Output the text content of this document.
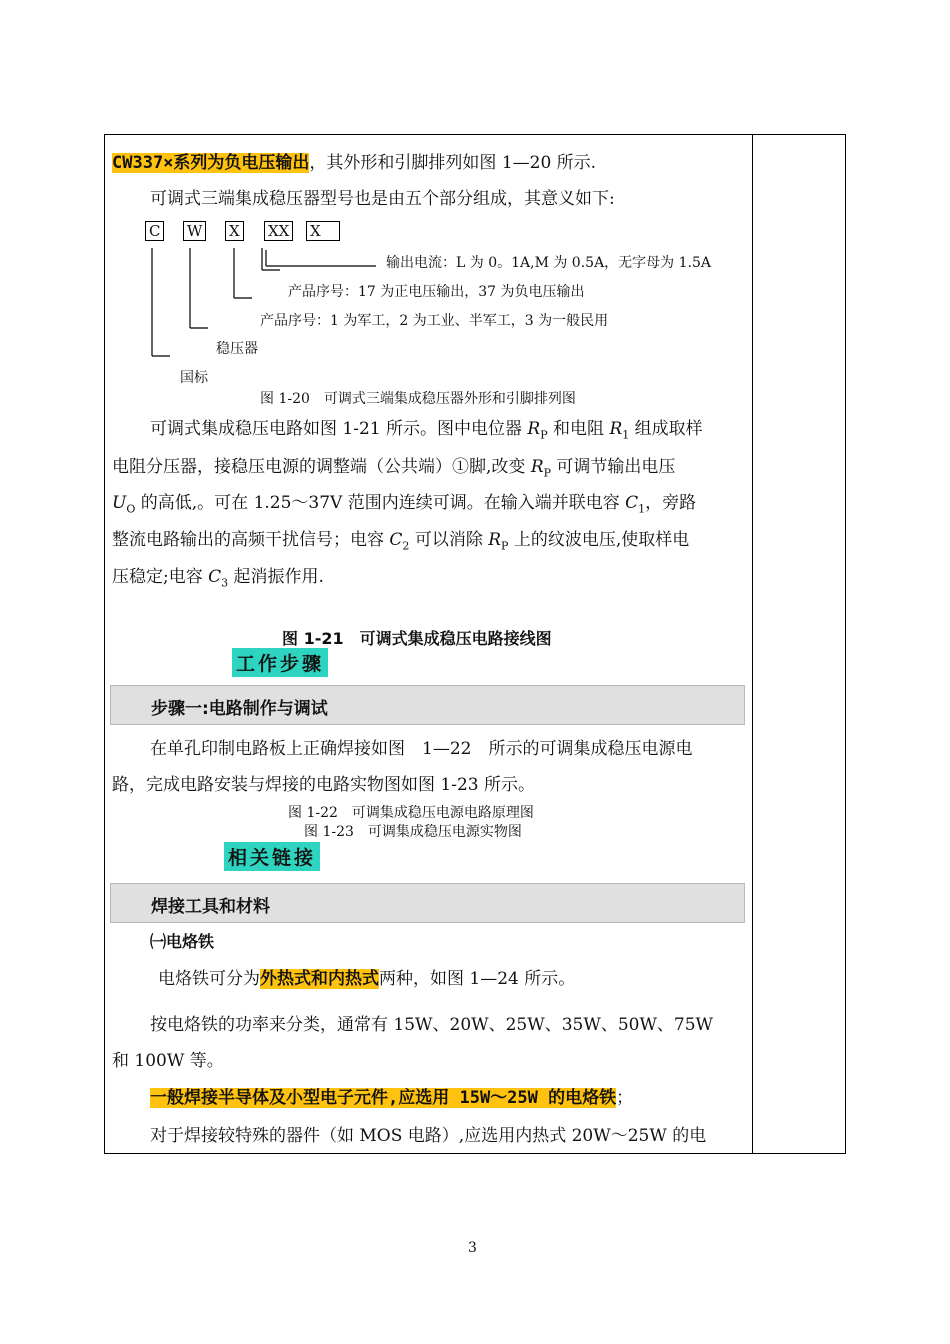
CW337×系列为负电压输出，其外形和引脚排列如图 1—20 所示.
可调式三端集成稳压器型号也是由五个部分组成，其意义如下:
C W X XX X
输出电流：L 为 0。1A,M 为 0.5A，无字母为 1.5A
产品序号：17 为正电压输出，37 为负电压输出
产品序号：1 为军工，2 为工业、半军工，3 为一般民用
稳压器
国标
图 1-20　可调式三端集成稳压器外形和引脚排列图
可调式集成稳压电路如图 1-21 所示。图中电位器 $R_P$ 和电阻 $R_1$ 组成取样
电阻分压器，接稳压电源的调整端（公共端）①脚,改变 $R_P$ 可调节输出电压
$U_O$ 的高低,。可在 1.25～37V 范围内连续可调。在输入端并联电容 $C_1$，旁路
整流电路输出的高频干扰信号；电容 $C_2$ 可以消除 $R_P$ 上的纹波电压,使取样电
压稳定;电容 $C_3$ 起消振作用.
图 1-21　可调式集成稳压电路接线图
工作步骤
步骤一:电路制作与调试
在单孔印制电路板上正确焊接如图　1—22　所示的可调集成稳压电源电
路，完成电路安装与焊接的电路实物图如图 1-23 所示。
图 1-22　可调集成稳压电源电路原理图
图 1-23　可调集成稳压电源实物图
相关链接
焊接工具和材料
㈠电烙铁
电烙铁可分为外热式和内热式两种，如图 1—24 所示。
按电烙铁的功率来分类，通常有 15W、20W、25W、35W、50W、75W
和 100W 等。
一般焊接半导体及小型电子元件,应选用 15W～25W 的电烙铁；
对于焊接较特殊的器件（如 MOS 电路）,应选用内热式 20W～25W 的电
3
